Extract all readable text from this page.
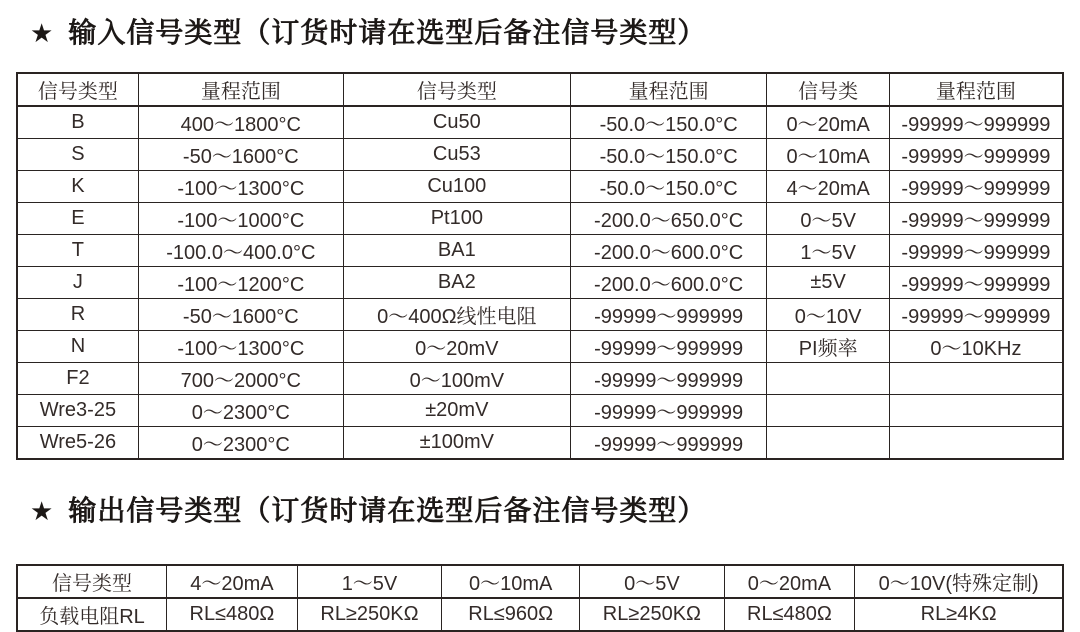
★ 输入信号类型（订货时请在选型后备注信号类型）
信号类型	量程范围	信号类型	量程范围	信号类	量程范围
B	400～1800°C	Cu50	-50.0～150.0°C	0～20mA	-99999～999999
S	-50～1600°C	Cu53	-50.0～150.0°C	0～10mA	-99999～999999
K	-100～1300°C	Cu100	-50.0～150.0°C	4～20mA	-99999～999999
E	-100～1000°C	Pt100	-200.0～650.0°C	0～5V	-99999～999999
T	-100.0～400.0°C	BA1	-200.0～600.0°C	1～5V	-99999～999999
J	-100～1200°C	BA2	-200.0～600.0°C	±5V	-99999～999999
R	-50～1600°C	0～400Ω线性电阻	-99999～999999	0～10V	-99999～999999
N	-100～1300°C	0～20mV	-99999～999999	PI频率	0～10KHz
F2	700～2000°C	0～100mV	-99999～999999		
Wre3-25	0～2300°C	±20mV	-99999～999999		
Wre5-26	0～2300°C	±100mV	-99999～999999		
★ 输出信号类型（订货时请在选型后备注信号类型）
信号类型	4～20mA	1～5V	0～10mA	0～5V	0～20mA	0～10V(特殊定制)
负载电阻RL	RL≤480Ω	RL≥250KΩ	RL≤960Ω	RL≥250KΩ	RL≤480Ω	RL≥4KΩ
